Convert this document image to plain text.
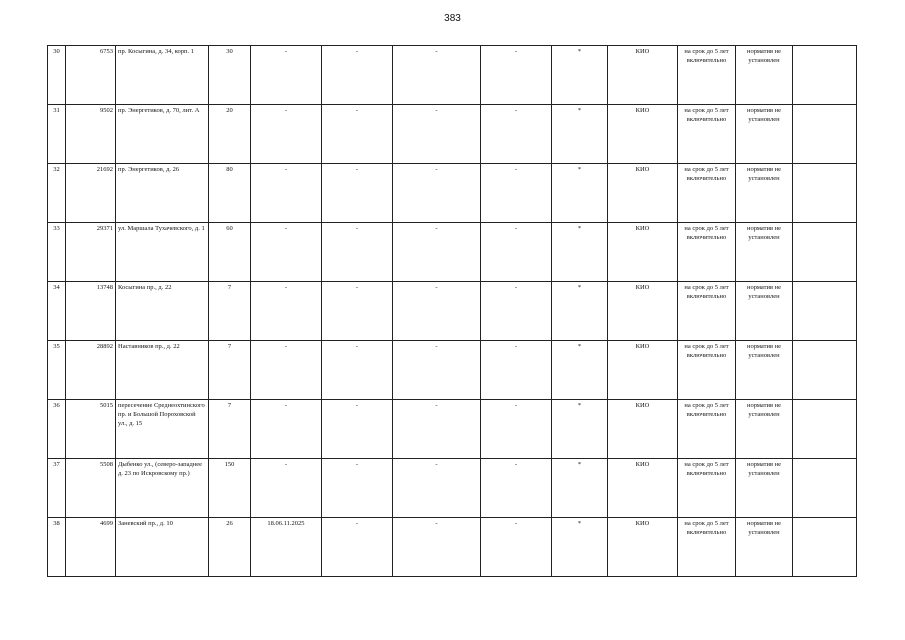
383
30	6753	пр. Косыгина, д. 34, корп. 1	30	-	-	-	-	*	КИО	на срок до 5 лет включительно	норматив не установлен	
31	9502	пр. Энергетиков, д. 70, лит. А	20	-	-	-	-	*	КИО	на срок до 5 лет включительно	норматив не установлен	
32	21692	пр. Энергетиков, д. 26	80	-	-	-	-	*	КИО	на срок до 5 лет включительно	норматив не установлен	
33	29371	ул. Маршала Тухачевского, д. 1	60	-	-	-	-	*	КИО	на срок до 5 лет включительно	норматив не установлен	
34	13748	Косыгина пр., д. 22	7	-	-	-	-	*	КИО	на срок до 5 лет включительно	норматив не установлен	
35	28892	Наставников пр., д. 22	7	-	-	-	-	*	КИО	на срок до 5 лет включительно	норматив не установлен	
36	5015	пересечение Среднеохтинского пр. и Большой Пороховской ул., д. 15	7	-	-	-	-	*	КИО	на срок до 5 лет включительно	норматив не установлен	
37	5508	Дыбенко ул., (северо-западнее д. 23 по Искровскому пр.)	150	-	-	-	-	*	КИО	на срок до 5 лет включительно	норматив не установлен	
38	4699	Заневский пр., д. 10	26	18.06.11.2025	-	-	-	*	КИО	на срок до 5 лет включительно	норматив не установлен	
